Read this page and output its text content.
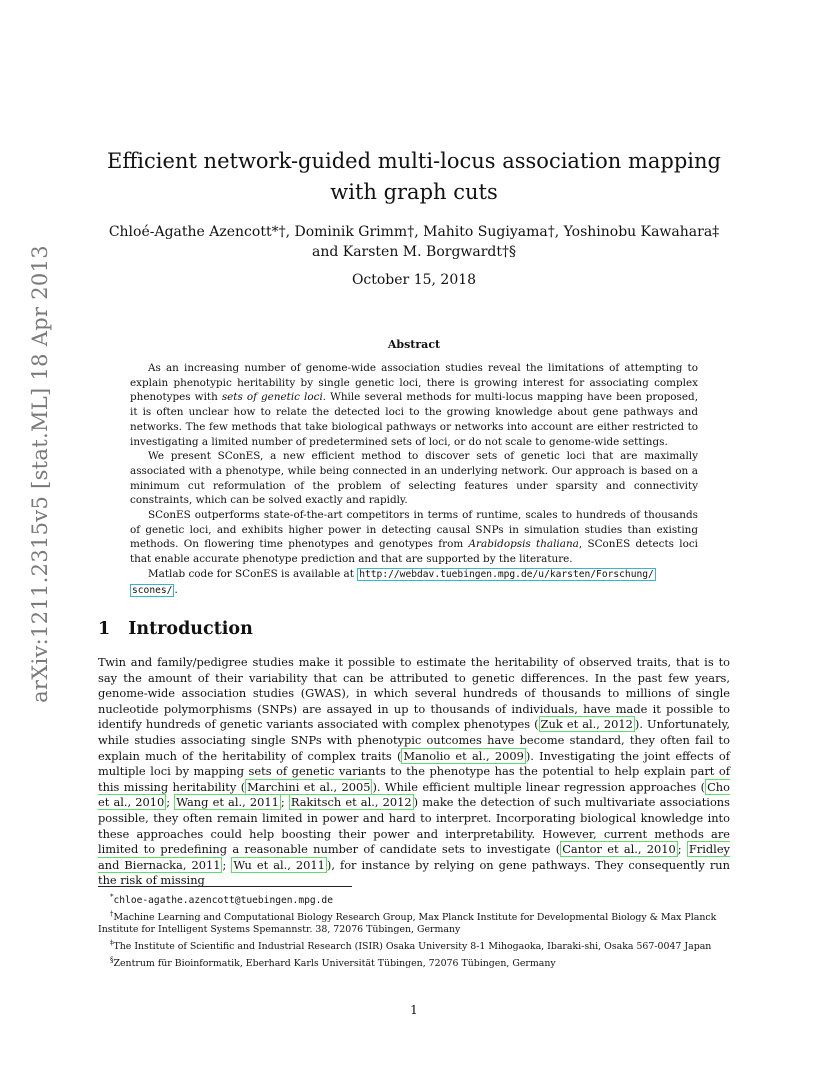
arXiv:1211.2315v5 [stat.ML] 18 Apr 2013
Efficient network-guided multi-locus association mapping with graph cuts
Chloé-Agathe Azencott*†, Dominik Grimm†, Mahito Sugiyama†, Yoshinobu Kawahara‡
and Karsten M. Borgwardt†§
October 15, 2018
Abstract

As an increasing number of genome-wide association studies reveal the limitations of attempting to explain phenotypic heritability by single genetic loci, there is growing interest for associating complex phenotypes with sets of genetic loci. While several methods for multi-locus mapping have been proposed, it is often unclear how to relate the detected loci to the growing knowledge about gene pathways and networks. The few methods that take biological pathways or networks into account are either restricted to investigating a limited number of predetermined sets of loci, or do not scale to genome-wide settings.

We present SConES, a new efficient method to discover sets of genetic loci that are maximally associated with a phenotype, while being connected in an underlying network. Our approach is based on a minimum cut reformulation of the problem of selecting features under sparsity and connectivity constraints, which can be solved exactly and rapidly.

SConES outperforms state-of-the-art competitors in terms of runtime, scales to hundreds of thousands of genetic loci, and exhibits higher power in detecting causal SNPs in simulation studies than existing methods. On flowering time phenotypes and genotypes from Arabidopsis thaliana, SConES detects loci that enable accurate phenotype prediction and that are supported by the literature.

Matlab code for SConES is available at http://webdav.tuebingen.mpg.de/u/karsten/Forschung/
scones/ .

1 Introduction

Twin and family/pedigree studies make it possible to estimate the heritability of observed traits, that is to say the amount of their variability that can be attributed to genetic differences. In the past few years, genome-wide association studies (GWAS), in which several hundreds of thousands to millions of single nucleotide polymorphisms (SNPs) are assayed in up to thousands of individuals, have made it possible to identify hundreds of genetic variants associated with complex phenotypes ( Zuk et al., 2012 ). Unfortunately, while studies associating single SNPs with phenotypic outcomes have become standard, they often fail to explain much of the heritability of complex traits ( Manolio et al., 2009 ). Investigating the joint effects of multiple loci by mapping sets of genetic variants to the phenotype has the potential to help explain part of this missing heritability ( Marchini et al., 2005 ). While efficient multiple linear regression approaches ( Cho et al., 2010 ; Wang et al., 2011 ; Rakitsch et al., 2012 ) make the detection of such multivariate associations possible, they often remain limited in power and hard to interpret. Incorporating biological knowledge into these approaches could help boosting their power and interpretability. However, current methods are limited to predefining a reasonable number of candidate sets to investigate ( Cantor et al., 2010 ; Fridley and Biernacka, 2011 ; Wu et al., 2011 ), for instance by relying on gene pathways. They consequently run the risk of missing

*chloe-agathe.azencott@tuebingen.mpg.de

†Machine Learning and Computational Biology Research Group, Max Planck Institute for Developmental Biology & Max Planck Institute for Intelligent Systems Spemannstr. 38, 72076 Tübingen, Germany

‡The Institute of Scientific and Industrial Research (ISIR) Osaka University 8-1 Mihogaoka, Ibaraki-shi, Osaka 567-0047 Japan

§Zentrum für Bioinformatik, Eberhard Karls Universität Tübingen, 72076 Tübingen, Germany

1
